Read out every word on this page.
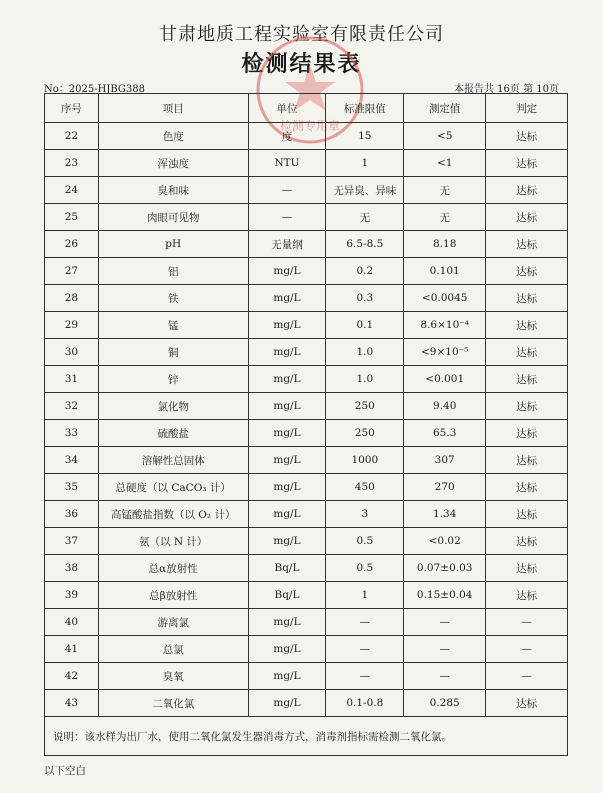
甘肃地质工程实验室有限责任公司
检测结果表
No：2025-HJBG388	本报告共 16页 第 10页
检测专用章
序号	项目	单位	标准限值	测定值	判定
22	色度	度	15	<5	达标
23	浑浊度	NTU	1	<1	达标
24	臭和味	—	无异臭、异味	无	达标
25	肉眼可见物	—	无	无	达标
26	pH	无量纲	6.5-8.5	8.18	达标
27	铝	mg/L	0.2	0.101	达标
28	铁	mg/L	0.3	<0.0045	达标
29	锰	mg/L	0.1	8.6×10⁻⁴	达标
30	铜	mg/L	1.0	<9×10⁻⁵	达标
31	锌	mg/L	1.0	<0.001	达标
32	氯化物	mg/L	250	9.40	达标
33	硫酸盐	mg/L	250	65.3	达标
34	溶解性总固体	mg/L	1000	307	达标
35	总硬度（以 CaCO₃ 计）	mg/L	450	270	达标
36	高锰酸盐指数（以 O₂ 计）	mg/L	3	1.34	达标
37	氨（以 N 计）	mg/L	0.5	<0.02	达标
38	总α放射性	Bq/L	0.5	0.07±0.03	达标
39	总β放射性	Bq/L	1	0.15±0.04	达标
40	游离氯	mg/L	—	—	—
41	总氯	mg/L	—	—	—
42	臭氧	mg/L	—	—	—
43	二氧化氯	mg/L	0.1-0.8	0.285	达标
说明：该水样为出厂水，使用二氧化氯发生器消毒方式，消毒剂指标需检测二氧化氯。					
以下空白
